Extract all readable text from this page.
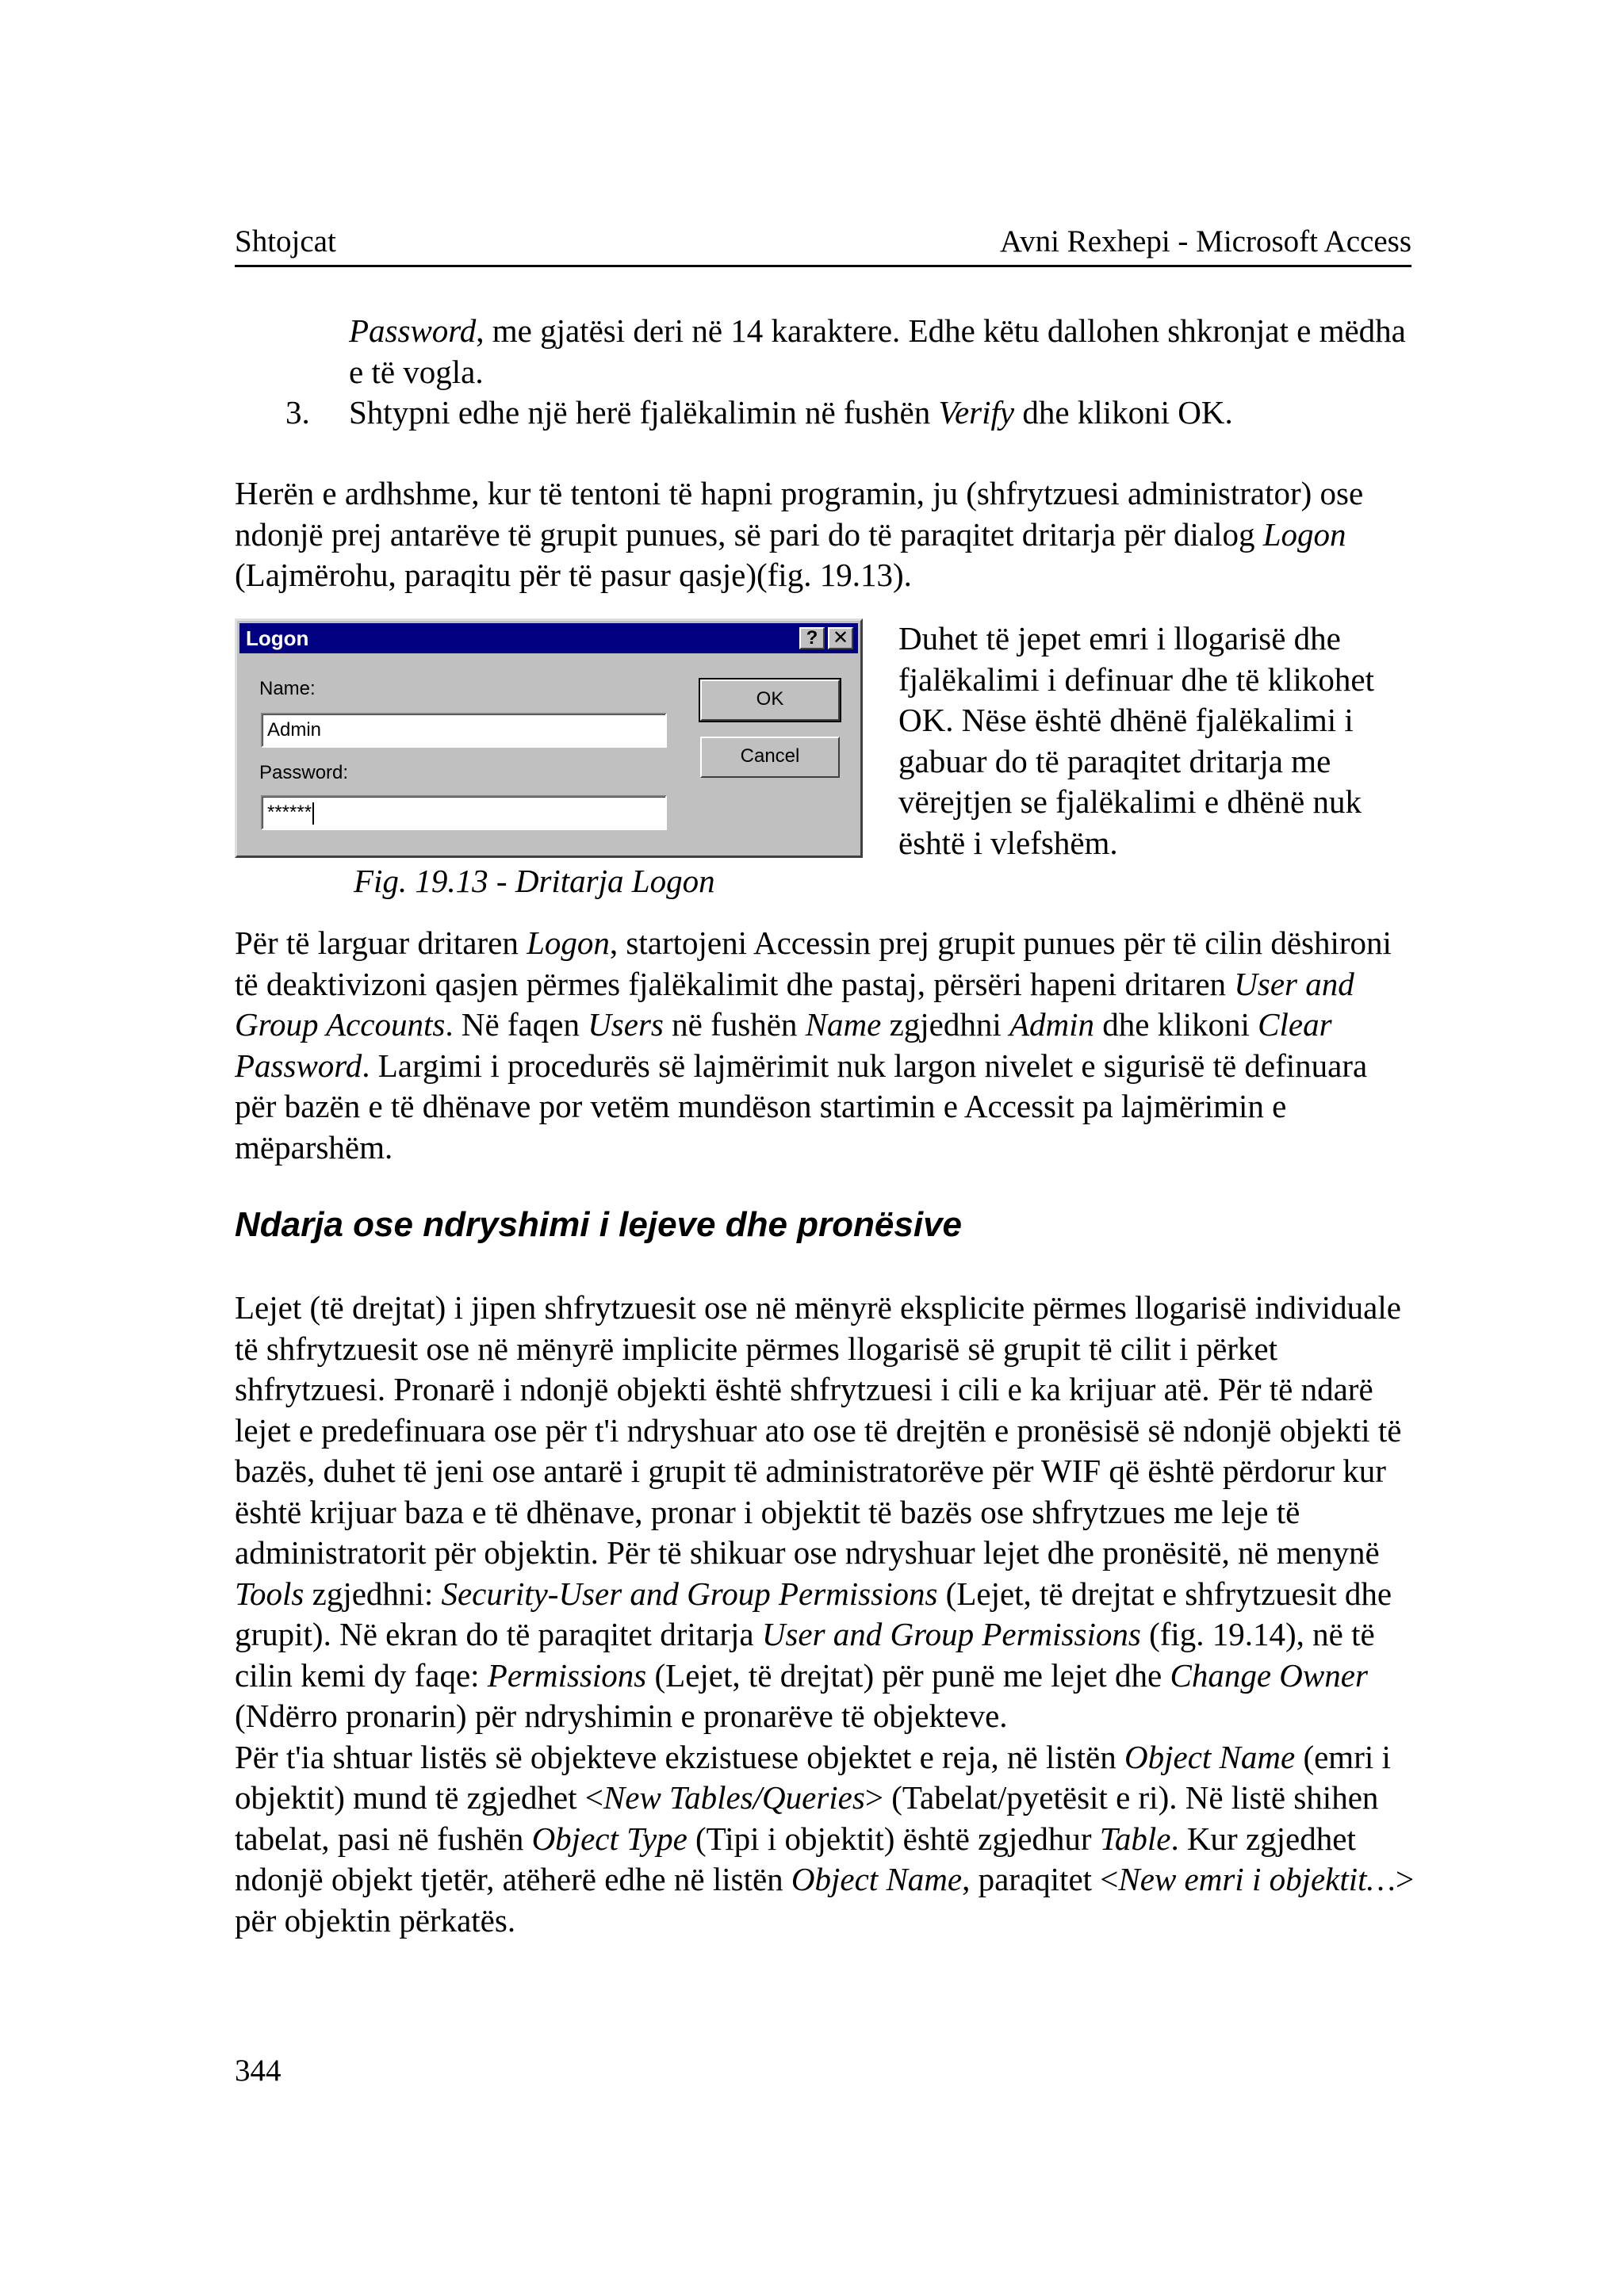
Shtojcat	Avni Rexhepi - Microsoft Access
Password, me gjatësi deri në 14 karaktere. Edhe këtu dallohen shkronjat e mëdha e të vogla.
3. Shtypni edhe një herë fjalëkalimin në fushën Verify dhe klikoni OK.
Herën e ardhshme, kur të tentoni të hapni programin, ju (shfrytzuesi administrator) ose ndonjë prej antarëve të grupit punues, së pari do të paraqitet dritarja për dialog Logon (Lajmërohu, paraqitu për të pasur qasje)(fig. 19.13).
Logon	? ✕
Name:
Admin
Password:
******
OK
Cancel
Fig. 19.13 - Dritarja Logon
Duhet të jepet emri i llogarisë dhe fjalëkalimi i definuar dhe të klikohet OK. Nëse është dhënë fjalëkalimi i gabuar do të paraqitet dritarja me vërejtjen se fjalëkalimi e dhënë nuk është i vlefshëm.
Për të larguar dritaren Logon, startojeni Accessin prej grupit punues për të cilin dëshironi të deaktivizoni qasjen përmes fjalëkalimit dhe pastaj, përsëri hapeni dritaren User and Group Accounts. Në faqen Users në fushën Name zgjedhni Admin dhe klikoni Clear Password. Largimi i procedurës së lajmërimit nuk largon nivelet e sigurisë të definuara për bazën e të dhënave por vetëm mundëson startimin e Accessit pa lajmërimin e mëparshëm.
Ndarja ose ndryshimi i lejeve dhe pronësive
Lejet (të drejtat) i jipen shfrytzuesit ose në mënyrë eksplicite përmes llogarisë individuale të shfrytzuesit ose në mënyrë implicite përmes llogarisë së grupit të cilit i përket shfrytzuesi. Pronarë i ndonjë objekti është shfrytzuesi i cili e ka krijuar atë. Për të ndarë lejet e predefinuara ose për t'i ndryshuar ato ose të drejtën e pronësisë së ndonjë objekti të bazës, duhet të jeni ose antarë i grupit të administratorëve për WIF që është përdorur kur është krijuar baza e të dhënave, pronar i objektit të bazës ose shfrytzues me leje të administratorit për objektin. Për të shikuar ose ndryshuar lejet dhe pronësitë, në menynë Tools zgjedhni: Security-User and Group Permissions (Lejet, të drejtat e shfrytzuesit dhe grupit). Në ekran do të paraqitet dritarja User and Group Permissions (fig. 19.14), në të cilin kemi dy faqe: Permissions (Lejet, të drejtat) për punë me lejet dhe Change Owner (Ndërro pronarin) për ndryshimin e pronarëve të objekteve.
Për t'ia shtuar listës së objekteve ekzistuese objektet e reja, në listën Object Name (emri i objektit) mund të zgjedhet <New Tables/Queries> (Tabelat/pyetësit e ri). Në listë shihen tabelat, pasi në fushën Object Type (Tipi i objektit) është zgjedhur Table. Kur zgjedhet ndonjë objekt tjetër, atëherë edhe në listën Object Name, paraqitet <New emri i objektit…> për objektin përkatës.
344
